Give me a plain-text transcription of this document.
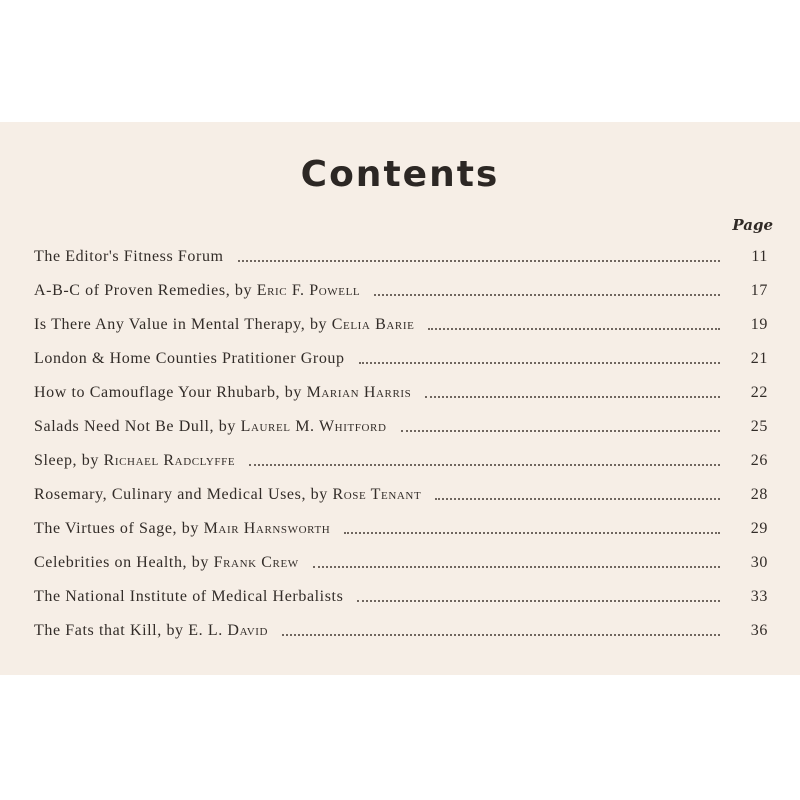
Contents
Page
The Editor's Fitness Forum	11
A-B-C of Proven Remedies, by Eric F. Powell	17
Is There Any Value in Mental Therapy, by Celia Barie	19
London & Home Counties Pratitioner Group	21
How to Camouflage Your Rhubarb, by Marian Harris	22
Salads Need Not Be Dull, by Laurel M. Whitford	25
Sleep, by Richael Radclyffe	26
Rosemary, Culinary and Medical Uses, by Rose Tenant	28
The Virtues of Sage, by Mair Harnsworth	29
Celebrities on Health, by Frank Crew	30
The National Institute of Medical Herbalists	33
The Fats that Kill, by E. L. David	36
